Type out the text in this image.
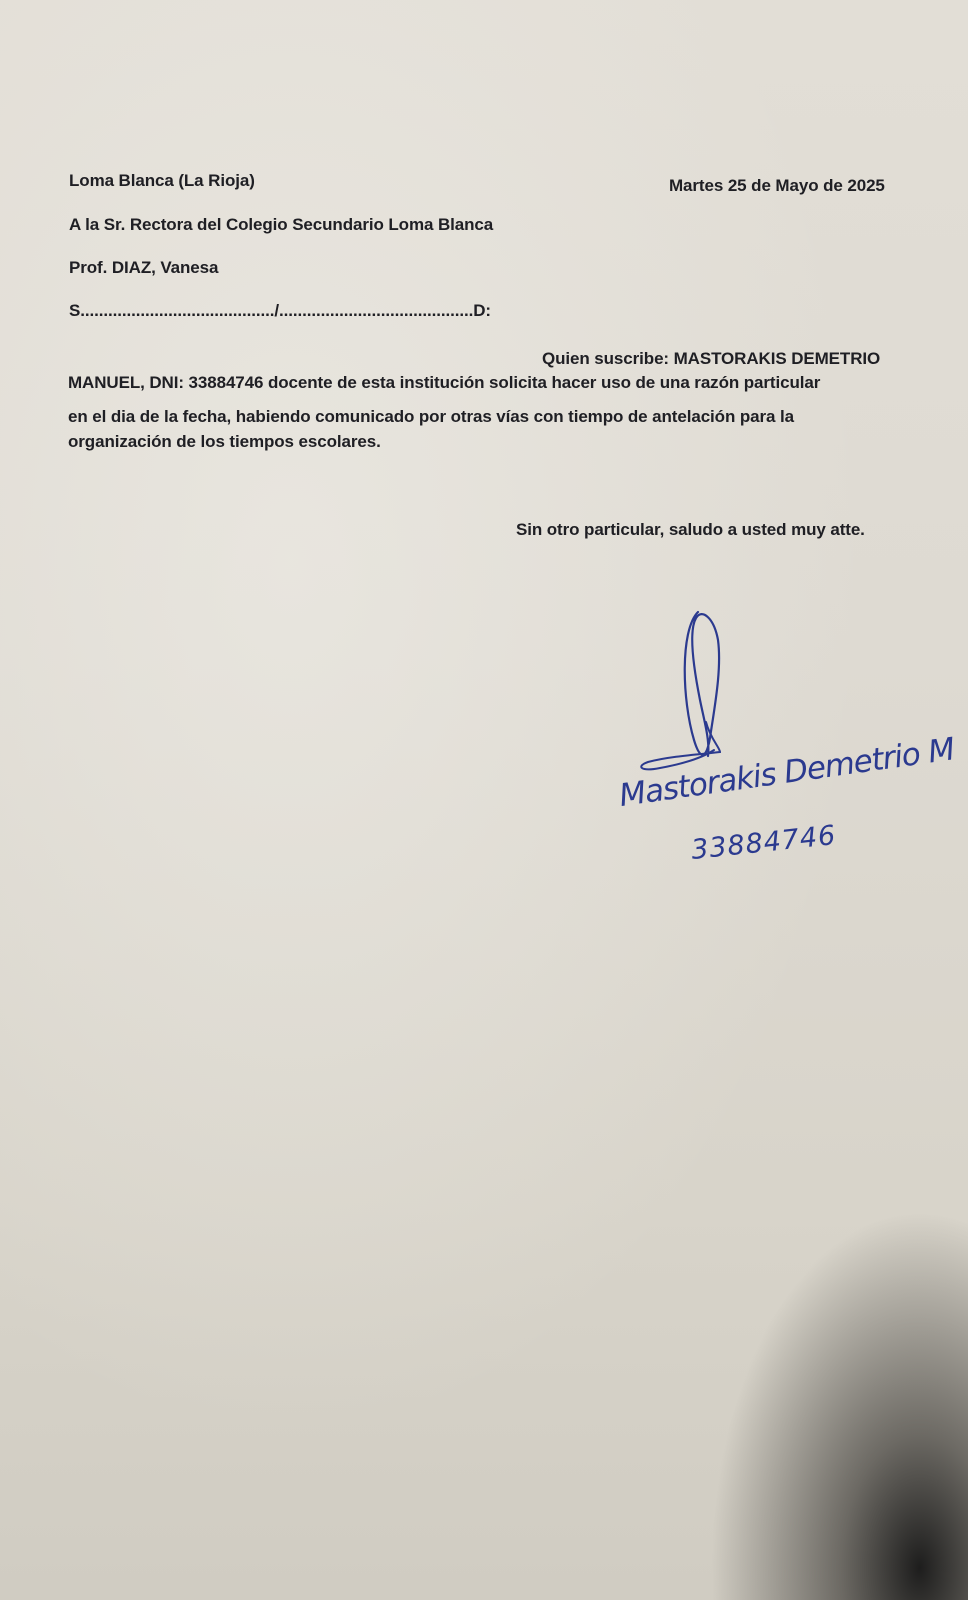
Loma Blanca (La Rioja)	Martes 25 de Mayo de 2025
A la Sr. Rectora del Colegio Secundario Loma Blanca
Prof. DIAZ, Vanesa
S........................................../..........................................D:
Quien suscribe: MASTORAKIS DEMETRIO
MANUEL, DNI: 33884746 docente de esta institución solicita hacer uso de una razón particular
en el dia de la fecha, habiendo comunicado por otras vías con tiempo de antelación para la
organización de los tiempos escolares.
Sin otro particular, saludo a usted muy atte.
Mastorakis Demetrio M
33884746
